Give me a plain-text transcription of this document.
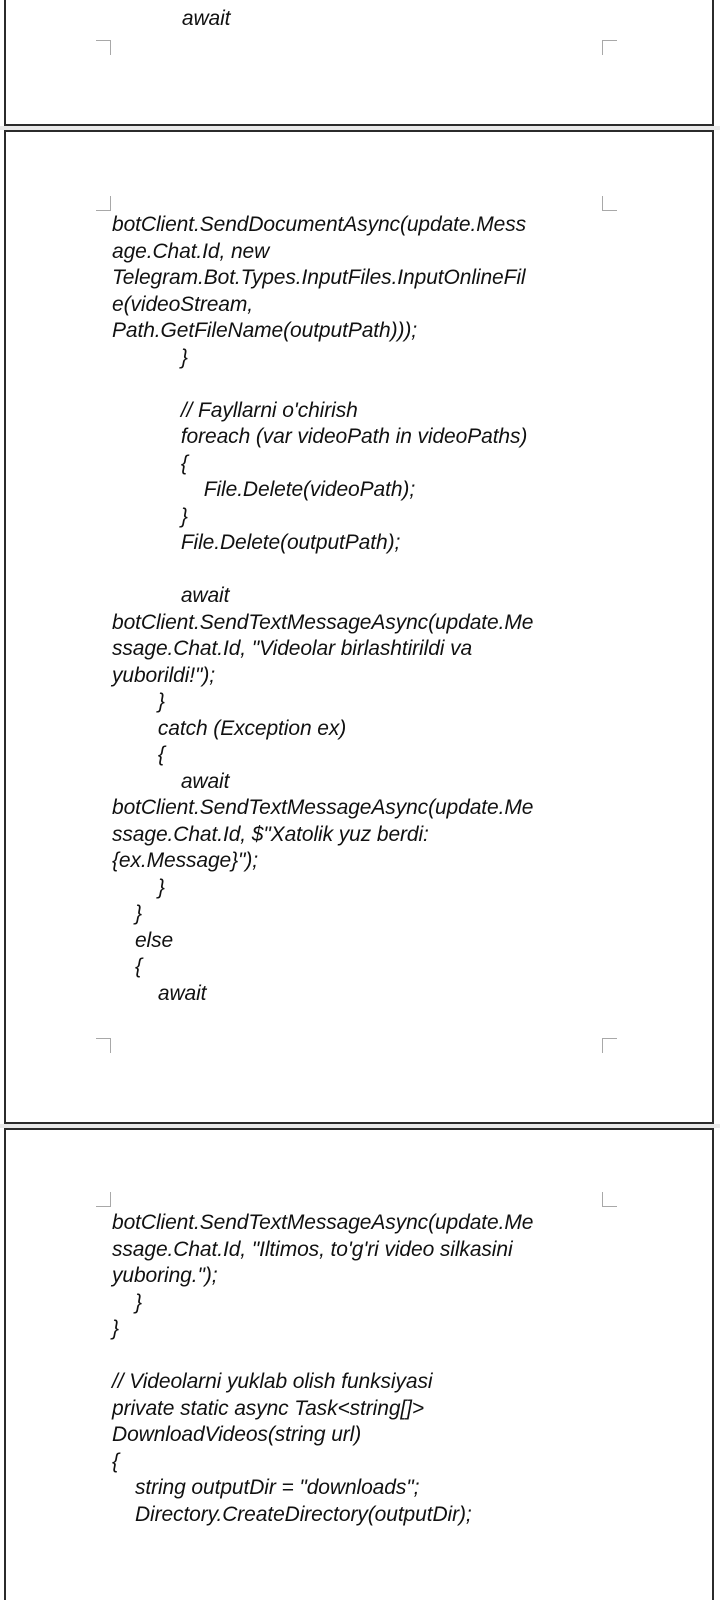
await
botClient.SendDocumentAsync(update.Mess
age.Chat.Id, new
Telegram.Bot.Types.InputFiles.InputOnlineFil
e(videoStream,
Path.GetFileName(outputPath)));
}
// Fayllarni o'chirish
foreach (var videoPath in videoPaths)
{
File.Delete(videoPath);
}
File.Delete(outputPath);
await
botClient.SendTextMessageAsync(update.Me
ssage.Chat.Id, "Videolar birlashtirildi va
yuborildi!");
}
catch (Exception ex)
{
await
botClient.SendTextMessageAsync(update.Me
ssage.Chat.Id, $"Xatolik yuz berdi:
{ex.Message}");
}
}
else
{
await
botClient.SendTextMessageAsync(update.Me
ssage.Chat.Id, "Iltimos, to'g'ri video silkasini
yuboring.");
}
}
// Videolarni yuklab olish funksiyasi
private static async Task<string[]>
DownloadVideos(string url)
{
string outputDir = "downloads";
Directory.CreateDirectory(outputDir);
